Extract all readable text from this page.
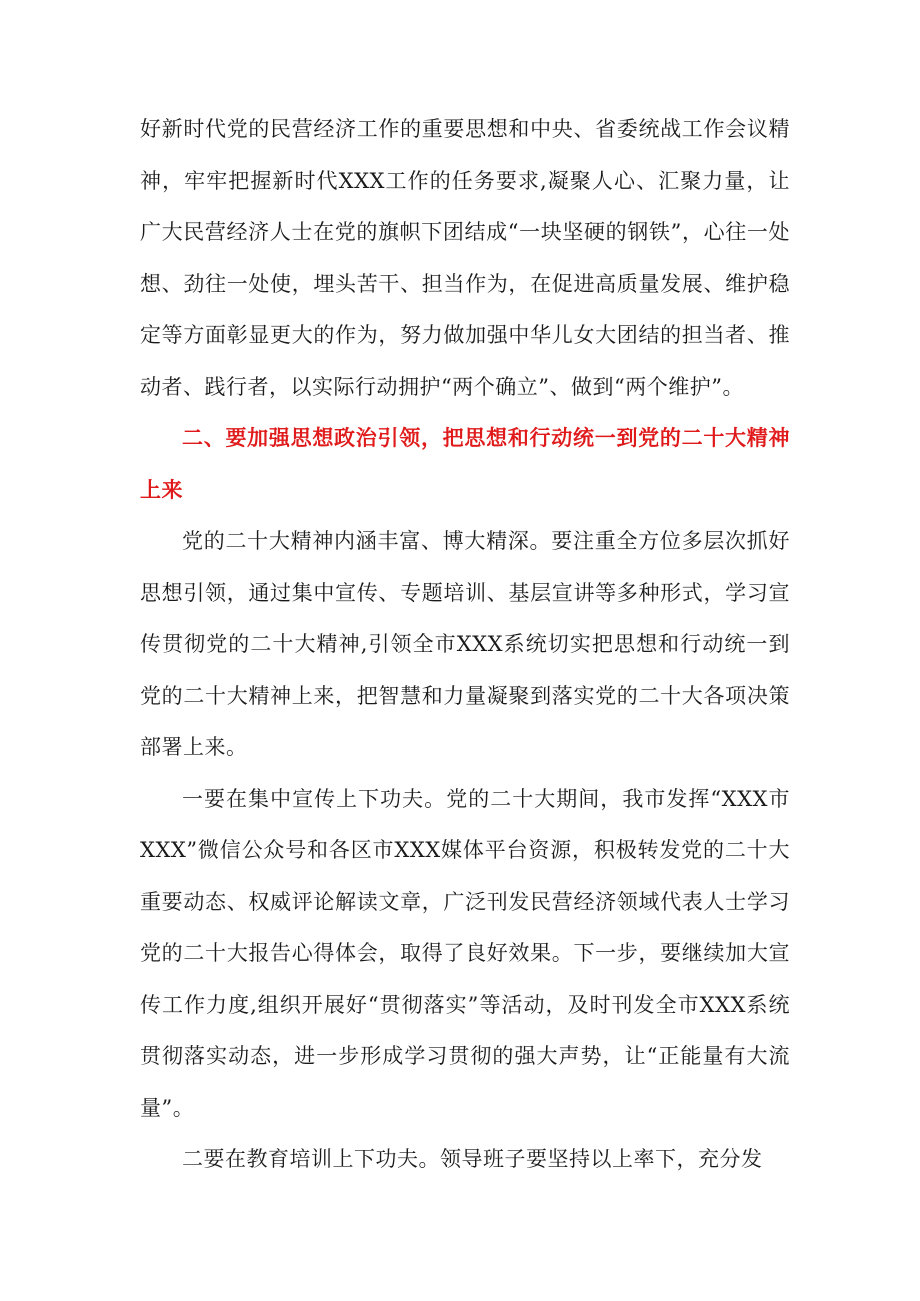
好新时代党的民营经济工作的重要思想和中央、省委统战工作会议精神，牢牢把握新时代XXX工作的任务要求,凝聚人心、汇聚力量，让广大民营经济人士在党的旗帜下团结成“一块坚硬的钢铁”，心往一处想、劲往一处使，埋头苦干、担当作为，在促进高质量发展、维护稳定等方面彰显更大的作为，努力做加强中华儿女大团结的担当者、推动者、践行者，以实际行动拥护“两个确立”、做到“两个维护”。

二、要加强思想政治引领，把思想和行动统一到党的二十大精神上来

党的二十大精神内涵丰富、博大精深。要注重全方位多层次抓好思想引领，通过集中宣传、专题培训、基层宣讲等多种形式，学习宣传贯彻党的二十大精神,引领全市XXX系统切实把思想和行动统一到党的二十大精神上来，把智慧和力量凝聚到落实党的二十大各项决策部署上来。

一要在集中宣传上下功夫。党的二十大期间，我市发挥“XXX市XXX”微信公众号和各区市XXX媒体平台资源，积极转发党的二十大重要动态、权威评论解读文章，广泛刊发民营经济领域代表人士学习党的二十大报告心得体会，取得了良好效果。下一步，要继续加大宣传工作力度,组织开展好“贯彻落实”等活动，及时刊发全市XXX系统贯彻落实动态，进一步形成学习贯彻的强大声势，让“正能量有大流量”。

二要在教育培训上下功夫。领导班子要坚持以上率下，充分发
